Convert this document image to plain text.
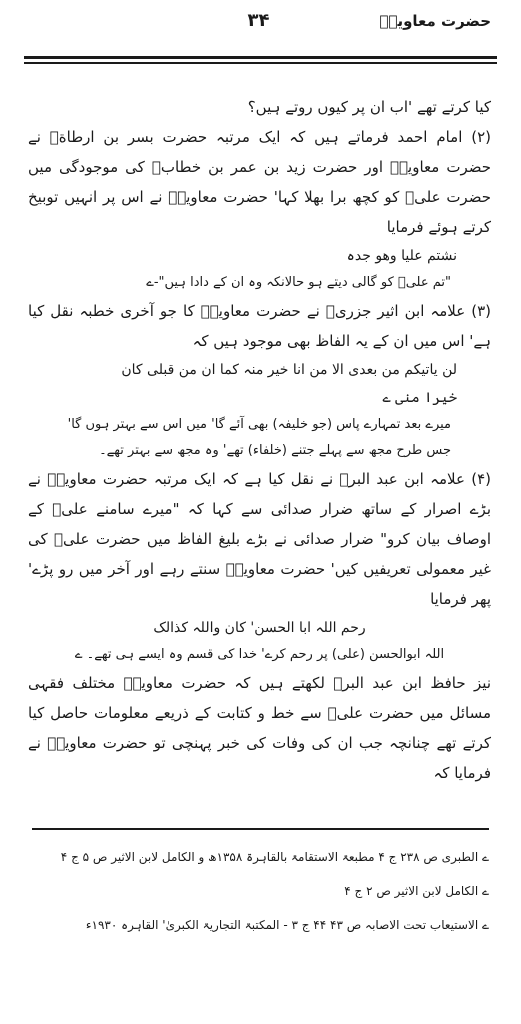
حضرت معاویہؓ
۳۴

کیا کرتے تھے 'اب ان پر کیوں روتے ہیں؟

(۲) امام احمد فرماتے ہیں کہ ایک مرتبہ حضرت بسر بن ارطاةؓ نے حضرت معاویہؓ اور حضرت زید بن عمر بن خطابؓ کی موجودگی میں حضرت علیؓ کو کچھ برا بھلا کہا' حضرت معاویہؓ نے اس پر انہیں توبیخ کرتے ہوئے فرمایا

نشتم علیا وھو جدہ

"تم علیؓ کو گالی دیتے ہو حالانکہ وہ ان کے دادا ہیں"-ے

(۳) علامہ ابن اثیر جزریؒ نے حضرت معاویہؓ کا جو آخری خطبہ نقل کیا ہے' اس میں ان کے یہ الفاظ بھی موجود ہیں کہ

لن یاتیکم من بعدی الا من انا خیر منہ کما ان من قبلی کان

خیرا منی ے

میرے بعد تمہارے پاس (جو خلیفہ) بھی آئے گا' میں اس سے بہتر ہوں گا'

جس طرح مجھ سے پہلے جتنے (خلفاء) تھے' وہ مجھ سے بہتر تھے۔

(۴) علامہ ابن عبد البرؒ نے نقل کیا ہے کہ ایک مرتبہ حضرت معاویہؓ نے بڑے اصرار کے ساتھ ضرار صدائی سے کہا کہ "میرے سامنے علیؓ کے اوصاف بیان کرو" ضرار صدائی نے بڑے بلیغ الفاظ میں حضرت علیؓ کی غیر معمولی تعریفیں کیں' حضرت معاویہؓ سنتے رہے اور آخر میں رو پڑے' پھر فرمایا

رحم اللہ ابا الحسن' کان واللہ کذالک

اللہ ابوالحسن (علی) پر رحم کرے' خدا کی قسم وہ ایسے ہی تھے۔ ے

نیز حافظ ابن عبد البرؒ لکھتے ہیں کہ حضرت معاویہؓ مختلف فقہی مسائل میں حضرت علیؓ سے خط و کتابت کے ذریعے معلومات حاصل کیا کرتے تھے چنانچہ جب ان کی وفات کی خبر پہنچی تو حضرت معاویہؓ نے فرمایا کہ

ے الطبری ص ۲۳۸ ج ۴ مطبعۃ الاستقامۃ بالقاہرۃ ۱۳۵۸ھ و الکامل لابن الاثیر ص ۵ ج ۴

ے الکامل لابن الاثیر ص ۲ ج ۴

ے الاستیعاب تحت الاصابہ ص ۴۳ ۴۴ ج ۳ - المکتبۃ التجاریۃ الکبریٰ' القاہرہ ۱۹۳۰ء
